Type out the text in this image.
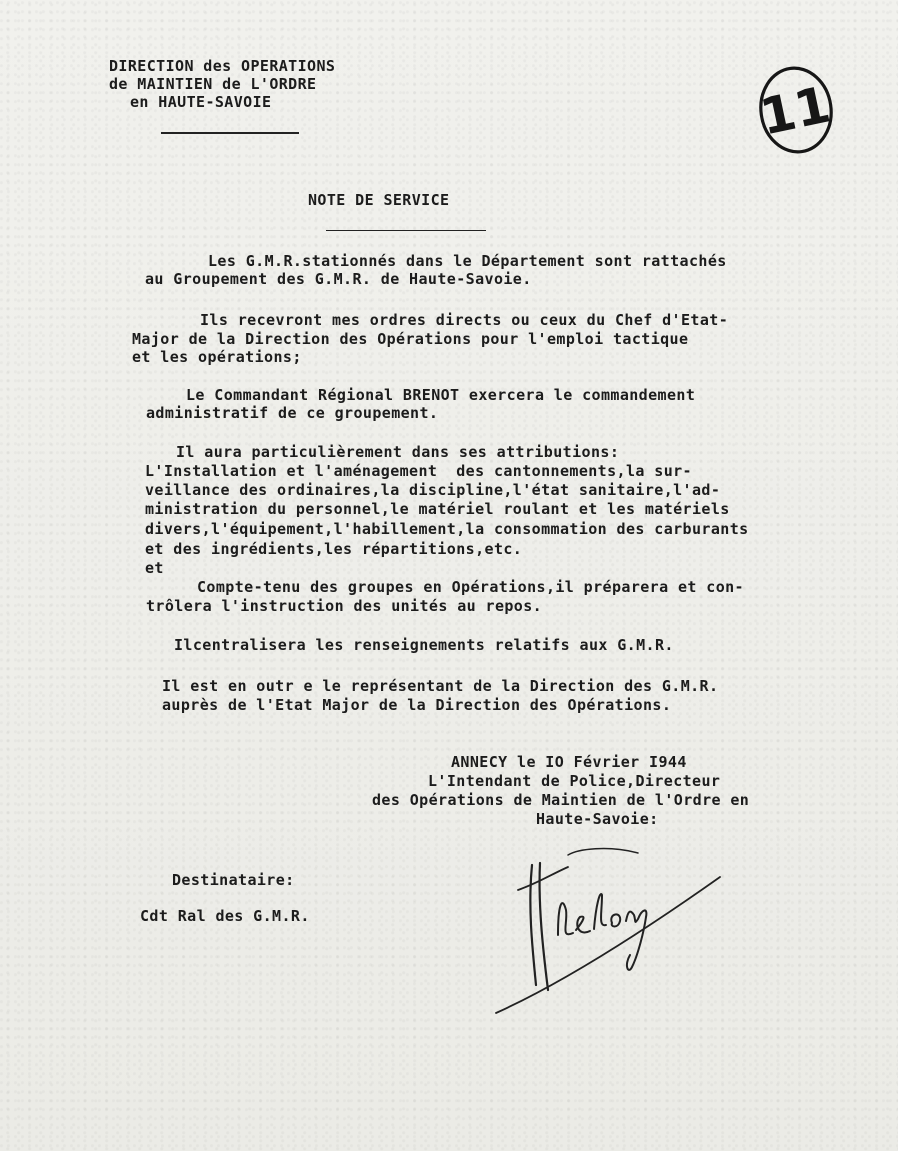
DIRECTION des OPERATIONS
de MAINTIEN de L'ORDRE
en HAUTE-SAVOIE	11
NOTE DE SERVICE
Les G.M.R.stationnés dans le Département sont rattachés
au Groupement des G.M.R. de Haute-Savoie.
Ils recevront mes ordres directs ou ceux du Chef d'Etat-
Major de la Direction des Opérations pour l'emploi tactique
et les opérations;
Le Commandant Régional BRENOT exercera le commandement
administratif de ce groupement.
Il aura particulièrement dans ses attributions:
L'Installation et l'aménagement  des cantonnements,la sur-
veillance des ordinaires,la discipline,l'état sanitaire,l'ad-
ministration du personnel,le matériel roulant et les matériels
divers,l'équipement,l'habillement,la consommation des carburants
et des ingrédients,les répartitions,etc.
et
Compte-tenu des groupes en Opérations,il préparera et con-
trôlera l'instruction des unités au repos.
Ilcentralisera les renseignements relatifs aux G.M.R.
Il est en outr e le représentant de la Direction des G.M.R.
auprès de l'Etat Major de la Direction des Opérations.
ANNECY le IO Février I944
L'Intendant de Police,Directeur
des Opérations de Maintien de l'Ordre en
Haute-Savoie:
Destinataire:
Cdt Ral des G.M.R.
